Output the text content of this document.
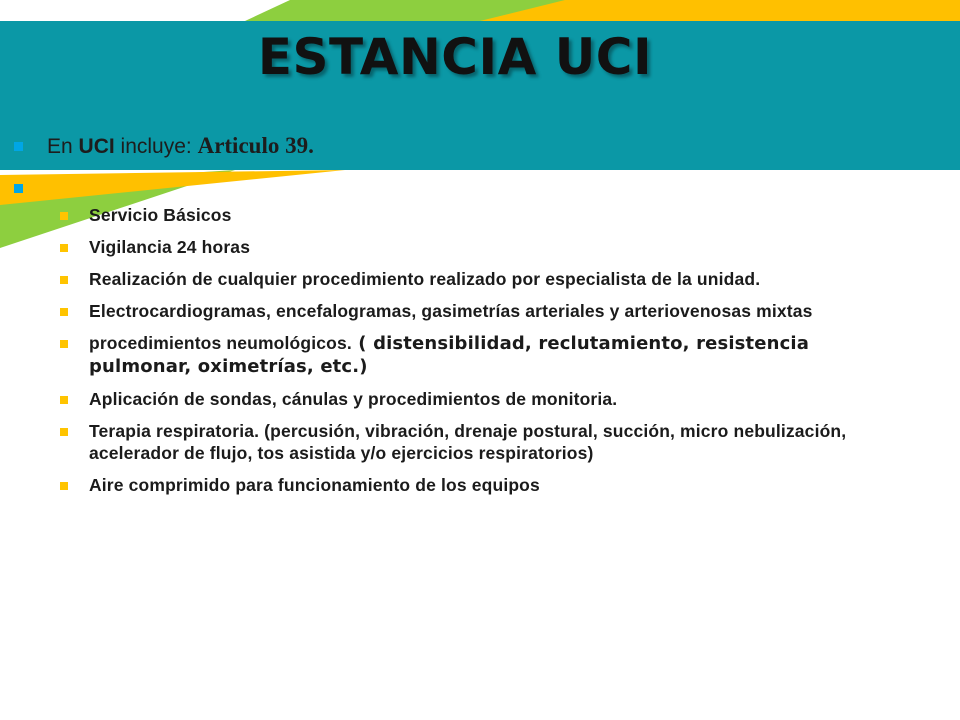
ESTANCIA UCI
En UCI incluye: Articulo 39.
Servicio Básicos
Vigilancia 24 horas
Realización de cualquier procedimiento realizado por especialista de la unidad.
Electrocardiogramas, encefalogramas, gasimetrías arteriales y arteriovenosas mixtas
procedimientos neumológicos. ( distensibilidad, reclutamiento, resistencia pulmonar, oximetrías, etc.)
Aplicación de sondas, cánulas y procedimientos de monitoria.
Terapia respiratoria. (percusión, vibración, drenaje postural, succión, micro nebulización, acelerador de flujo, tos asistida y/o ejercicios respiratorios)
Aire comprimido para funcionamiento de los equipos
